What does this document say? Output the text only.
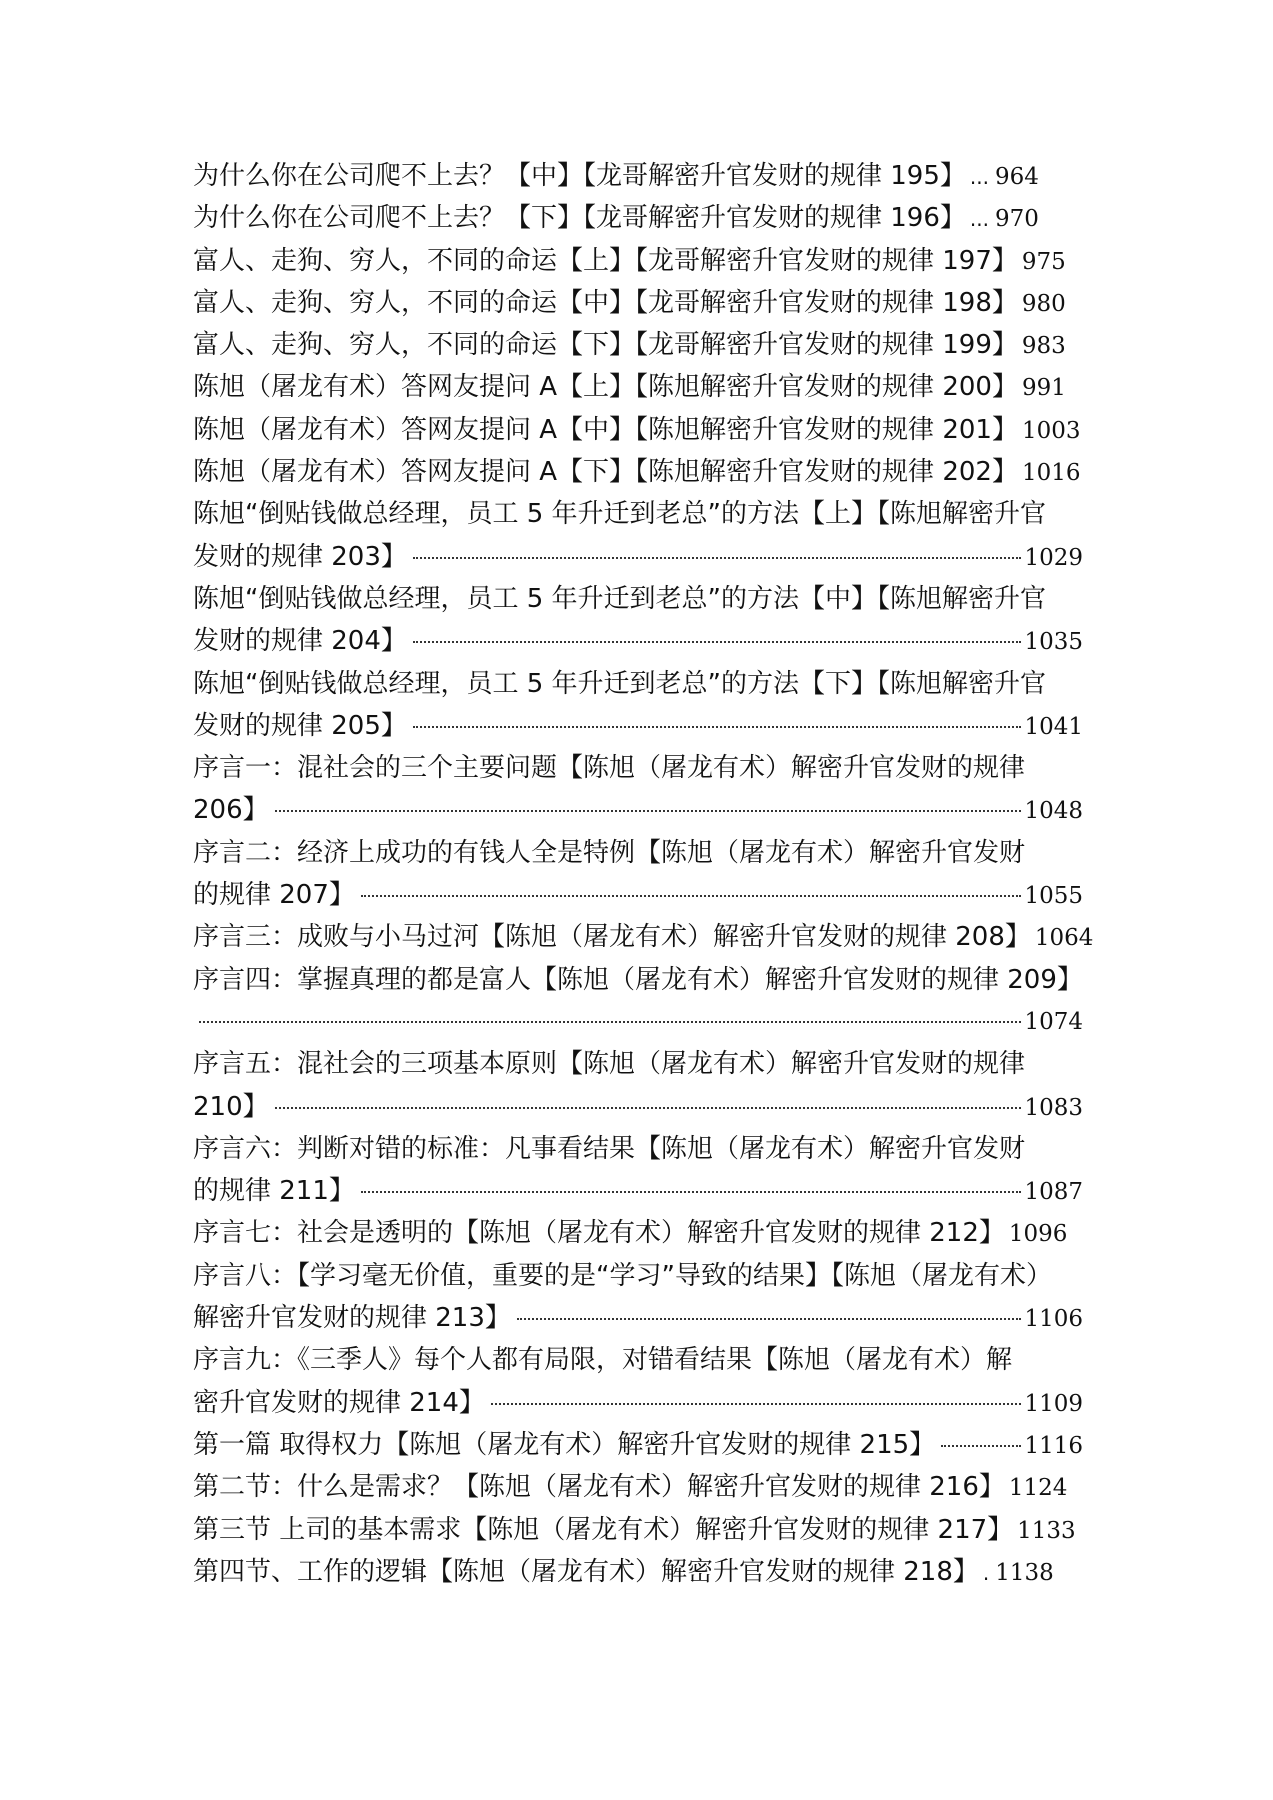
为什么你在公司爬不上去？【中】【龙哥解密升官发财的规律 195】 ... 964
为什么你在公司爬不上去？【下】【龙哥解密升官发财的规律 196】 ... 970
富人、走狗、穷人，不同的命运【上】【龙哥解密升官发财的规律 197】 975
富人、走狗、穷人，不同的命运【中】【龙哥解密升官发财的规律 198】 980
富人、走狗、穷人，不同的命运【下】【龙哥解密升官发财的规律 199】 983
陈旭（屠龙有术）答网友提问 A【上】【陈旭解密升官发财的规律 200】 991
陈旭（屠龙有术）答网友提问 A【中】【陈旭解密升官发财的规律 201】 1003
陈旭（屠龙有术）答网友提问 A【下】【陈旭解密升官发财的规律 202】 1016
陈旭“倒贴钱做总经理，员工 5 年升迁到老总”的方法【上】【陈旭解密升官
发财的规律 203】	1029
陈旭“倒贴钱做总经理，员工 5 年升迁到老总”的方法【中】【陈旭解密升官
发财的规律 204】	1035
陈旭“倒贴钱做总经理，员工 5 年升迁到老总”的方法【下】【陈旭解密升官
发财的规律 205】	1041
序言一：混社会的三个主要问题【陈旭（屠龙有术）解密升官发财的规律
206】	1048
序言二：经济上成功的有钱人全是特例【陈旭（屠龙有术）解密升官发财
的规律 207】	1055
序言三：成败与小马过河【陈旭（屠龙有术）解密升官发财的规律 208】 1064
序言四：掌握真理的都是富人【陈旭（屠龙有术）解密升官发财的规律 209】
1074
序言五：混社会的三项基本原则【陈旭（屠龙有术）解密升官发财的规律
210】	1083
序言六：判断对错的标准：凡事看结果【陈旭（屠龙有术）解密升官发财
的规律 211】	1087
序言七：社会是透明的【陈旭（屠龙有术）解密升官发财的规律 212】 1096
序言八：【学习毫无价值，重要的是“学习”导致的结果】【陈旭（屠龙有术）
解密升官发财的规律 213】	1106
序言九：《三季人》每个人都有局限，对错看结果【陈旭（屠龙有术）解
密升官发财的规律 214】	1109
第一篇 取得权力【陈旭（屠龙有术）解密升官发财的规律 215】	1116
第二节：什么是需求？【陈旭（屠龙有术）解密升官发财的规律 216】 1124
第三节 上司的基本需求【陈旭（屠龙有术）解密升官发财的规律 217】 1133
第四节、工作的逻辑【陈旭（屠龙有术）解密升官发财的规律 218】 . 1138
